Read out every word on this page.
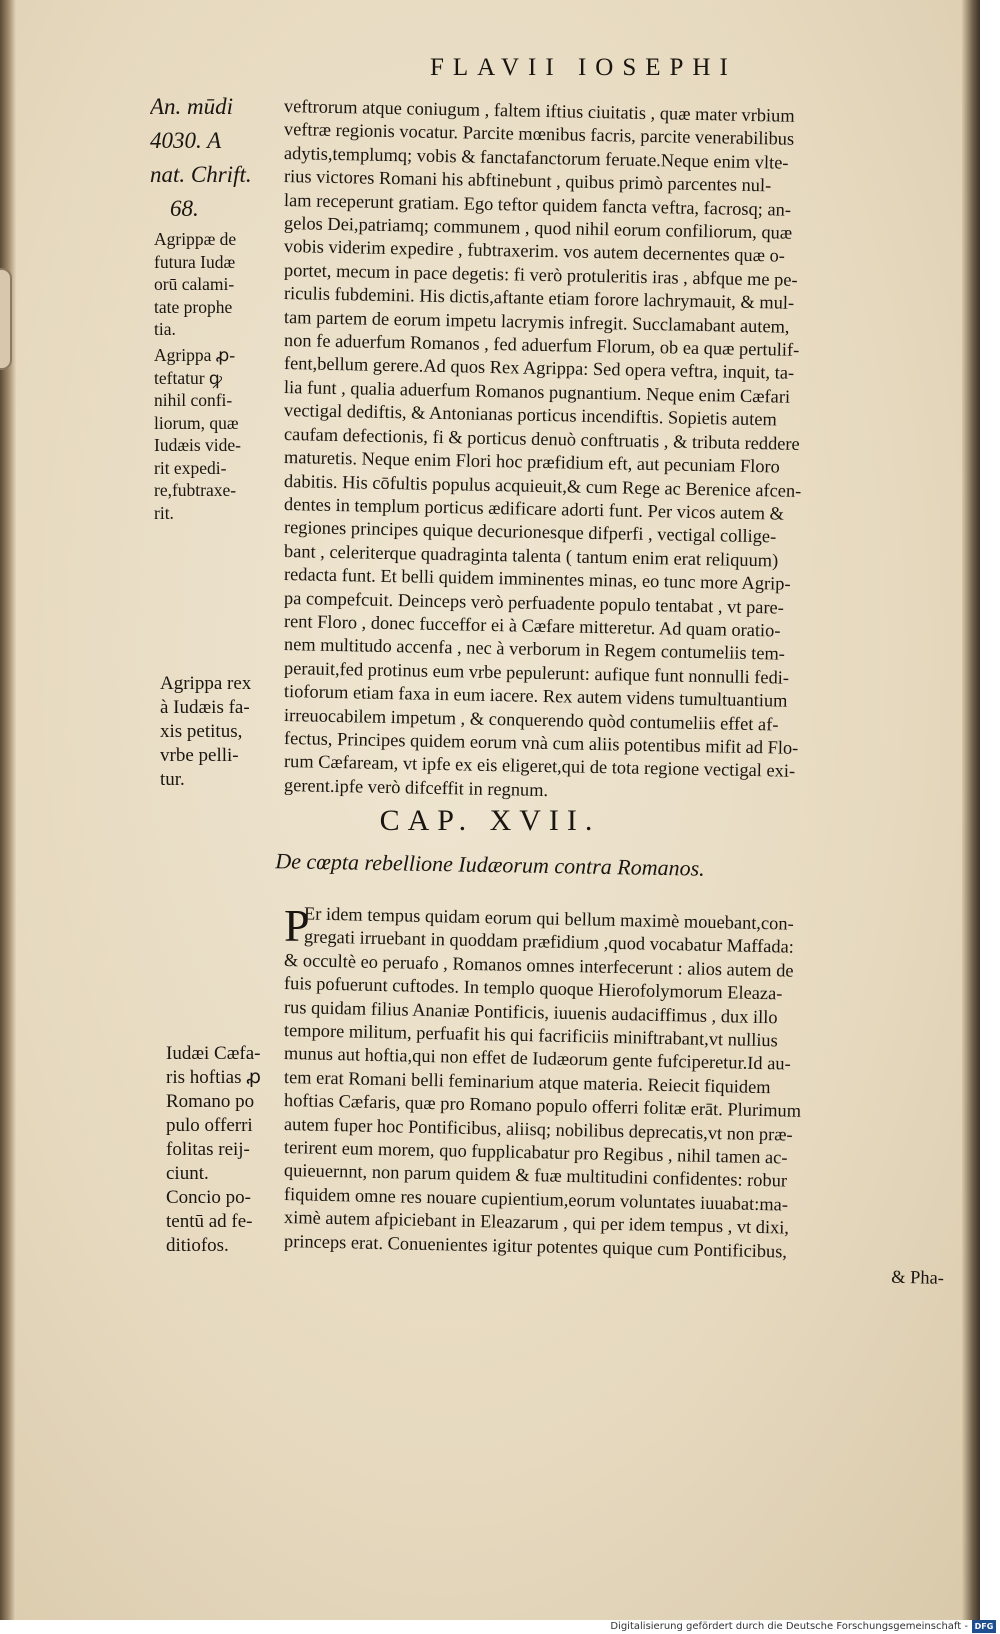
FLAVII IOSEPHI
An. mūdi
4030. A
nat. Chrift.
68.
Agrippæ de
futura Iudæ
orū calami-
tate prophe
tia.
Agrippa ꝓ-
teftatur ꝙ
nihil confi-
liorum, quæ
Iudæis vide-
rit expedi-
re,fubtraxe-
rit.
Agrippa rex
à Iudæis fa-
xis petitus,
vrbe pelli-
tur.
Iudæi Cæfa-
ris hoftias ꝓ
Romano po
pulo offerri
folitas reij-
ciunt.
Concio po-
tentū ad fe-
ditiofos.
veftrorum atque coniugum , faltem iftius ciuitatis , quæ mater vrbium
veftræ regionis vocatur. Parcite mœnibus facris, parcite venerabilibus
adytis,templumq; vobis & fanctafanctorum feruate.Neque enim vlte-
rius victores Romani his abftinebunt , quibus primò parcentes nul-
lam receperunt gratiam. Ego teftor quidem fancta veftra, facrosq; an-
gelos Dei,patriamq; communem , quod nihil eorum confiliorum, quæ
vobis viderim expedire , fubtraxerim. vos autem decernentes quæ o-
portet, mecum in pace degetis: fi verò protuleritis iras , abfque me pe-
riculis fubdemini. His dictis,aftante etiam forore lachrymauit, & mul-
tam partem de eorum impetu lacrymis infregit. Succlamabant autem,
non fe aduerfum Romanos , fed aduerfum Florum, ob ea quæ pertulif-
fent,bellum gerere.Ad quos Rex Agrippa: Sed opera veftra, inquit, ta-
lia funt , qualia aduerfum Romanos pugnantium. Neque enim Cæfari
vectigal dediftis, & Antonianas porticus incendiftis. Sopietis autem
caufam defectionis, fi & porticus denuò conftruatis , & tributa reddere
maturetis. Neque enim Flori hoc præfidium eft, aut pecuniam Floro
dabitis. His cōfultis populus acquieuit,& cum Rege ac Berenice afcen-
dentes in templum porticus ædificare adorti funt. Per vicos autem &
regiones principes quique decurionesque difperfi , vectigal collige-
bant , celeriterque quadraginta talenta ( tantum enim erat reliquum)
redacta funt. Et belli quidem imminentes minas, eo tunc more Agrip-
pa compefcuit. Deinceps verò perfuadente populo tentabat , vt pare-
rent Floro , donec fucceffor ei à Cæfare mitteretur. Ad quam oratio-
nem multitudo accenfa , nec à verborum in Regem contumeliis tem-
perauit,fed protinus eum vrbe pepulerunt: aufique funt nonnulli fedi-
tioforum etiam faxa in eum iacere. Rex autem videns tumultuantium
irreuocabilem impetum , & conquerendo quòd contumeliis effet af-
fectus, Principes quidem eorum vnà cum aliis potentibus mifit ad Flo-
rum Cæfaream, vt ipfe ex eis eligeret,qui de tota regione vectigal exi-
gerent.ipfe verò difceffit in regnum.
CAP. XVII.
De cœpta rebellione Iudæorum contra Romanos.
P
Er idem tempus quidam eorum qui bellum maximè mouebant,con-
gregati irruebant in quoddam præfidium ,quod vocabatur Maffada:
& occultè eo peruafo , Romanos omnes interfecerunt : alios autem de
fuis pofuerunt cuftodes. In templo quoque Hierofolymorum Eleaza-
rus quidam filius Ananiæ Pontificis, iuuenis audaciffimus , dux illo
tempore militum, perfuafit his qui facrificiis miniftrabant,vt nullius
munus aut hoftia,qui non effet de Iudæorum gente fufciperetur.Id au-
tem erat Romani belli feminarium atque materia. Reiecit fiquidem
hoftias Cæfaris, quæ pro Romano populo offerri folitæ erāt. Plurimum
autem fuper hoc Pontificibus, aliisq; nobilibus deprecatis,vt non præ-
terirent eum morem, quo fupplicabatur pro Regibus , nihil tamen ac-
quieuernnt, non parum quidem & fuæ multitudini confidentes: robur
fiquidem omne res nouare cupientium,eorum voluntates iuuabat:ma-
ximè autem afpiciebant in Eleazarum , qui per idem tempus , vt dixi,
princeps erat. Conuenientes igitur potentes quique cum Pontificibus,
& Pha-
Digitalisierung gefördert durch die Deutsche Forschungsgemeinschaft - DFG
